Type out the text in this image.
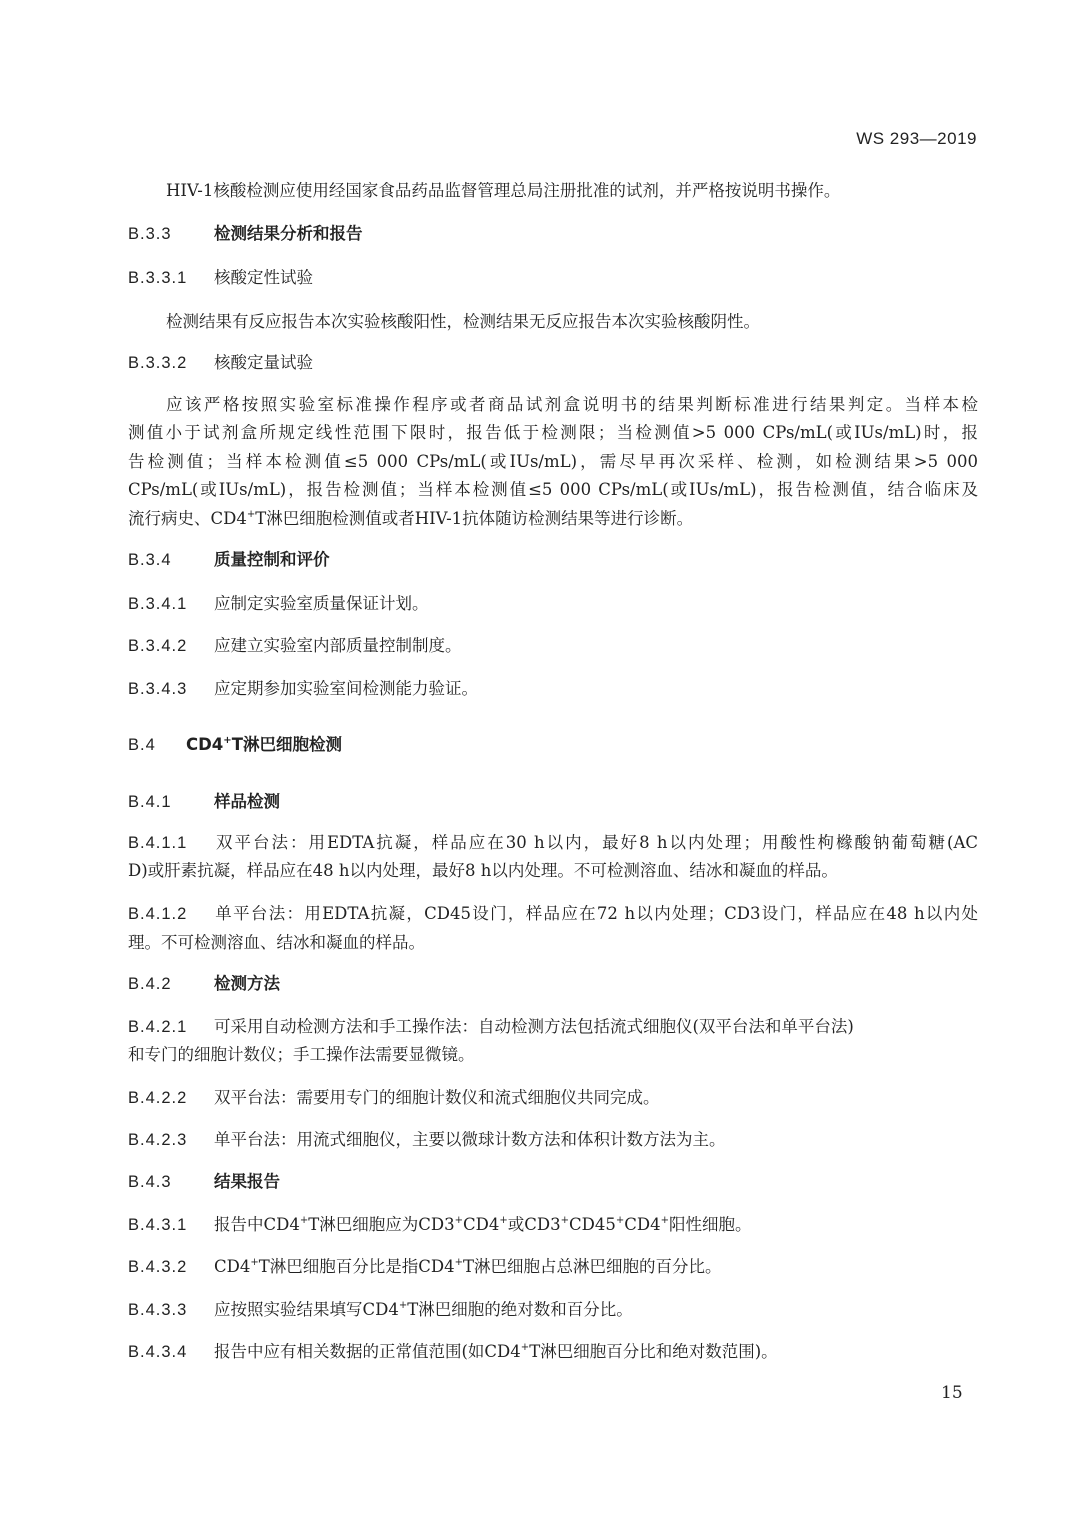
WS 293—2019
HIV-1核酸检测应使用经国家食品药品监督管理总局注册批准的试剂，并严格按说明书操作。
B.3.3	检测结果分析和报告
B.3.3.1 核酸定性试验
检测结果有反应报告本次实验核酸阳性，检测结果无反应报告本次实验核酸阴性。
B.3.3.2 核酸定量试验
应该严格按照实验室标准操作程序或者商品试剂盒说明书的结果判断标准进行结果判定。当样本检
测值小于试剂盒所规定线性范围下限时，报告低于检测限；当检测值>5 000 CPs/mL(或IUs/mL)时，报
告检测值；当样本检测值≤5 000 CPs/mL(或IUs/mL)，需尽早再次采样、检测，如检测结果>5 000
CPs/mL(或IUs/mL)，报告检测值；当样本检测值≤5 000 CPs/mL(或IUs/mL)，报告检测值，结合临床及
流行病史、CD4+T淋巴细胞检测值或者HIV-1抗体随访检测结果等进行诊断。
B.3.4	质量控制和评价
B.3.4.1 应制定实验室质量保证计划。
B.3.4.2 应建立实验室内部质量控制制度。
B.3.4.3 应定期参加实验室间检测能力验证。
B.4 CD4+T淋巴细胞检测
B.4.1	样品检测
B.4.1.1 双平台法：用EDTA抗凝，样品应在30 h以内，最好8 h以内处理；用酸性枸橼酸钠葡萄糖(AC
D)或肝素抗凝，样品应在48 h以内处理，最好8 h以内处理。不可检测溶血、结冰和凝血的样品。
B.4.1.2 单平台法：用EDTA抗凝，CD45设门，样品应在72 h以内处理；CD3设门，样品应在48 h以内处
理。不可检测溶血、结冰和凝血的样品。
B.4.2	检测方法
B.4.2.1 可采用自动检测方法和手工操作法：自动检测方法包括流式细胞仪(双平台法和单平台法)
和专门的细胞计数仪；手工操作法需要显微镜。
B.4.2.2 双平台法：需要用专门的细胞计数仪和流式细胞仪共同完成。
B.4.2.3 单平台法：用流式细胞仪，主要以微球计数方法和体积计数方法为主。
B.4.3	结果报告
B.4.3.1 报告中CD4+T淋巴细胞应为CD3+CD4+或CD3+CD45+CD4+阳性细胞。
B.4.3.2 CD4+T淋巴细胞百分比是指CD4+T淋巴细胞占总淋巴细胞的百分比。
B.4.3.3 应按照实验结果填写CD4+T淋巴细胞的绝对数和百分比。
B.4.3.4 报告中应有相关数据的正常值范围(如CD4+T淋巴细胞百分比和绝对数范围)。
15
